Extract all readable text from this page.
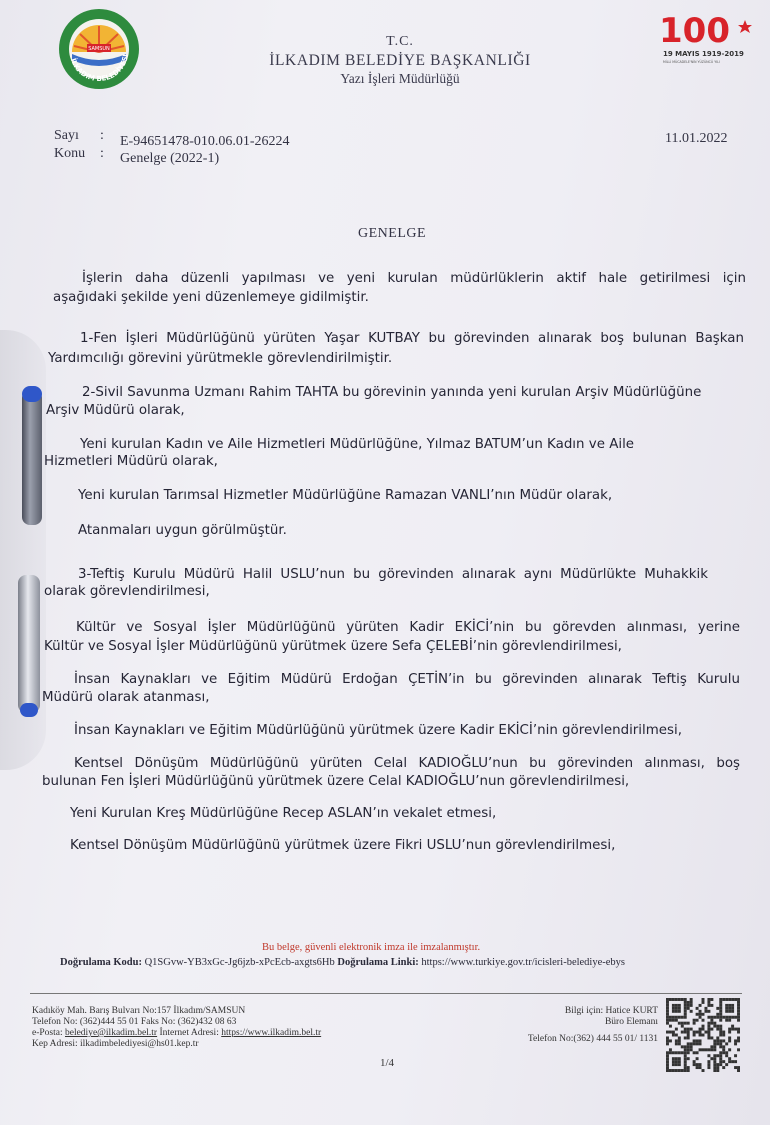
SAMSUN
İLKADIM BELEDİYESİ
100
19 MAYIS 1919-2019
MİLLİ MÜCADELE'NİN YÜZÜNCÜ YILI
T.C.
İLKADIM BELEDİYE BAŞKANLIĞI
Yazı İşleri Müdürlüğü
Sayı : E-94651478-010.06.01-26224
Konu : Genelge (2022-1)
11.01.2022
GENELGE
İşlerin daha düzenli yapılması ve yeni kurulan müdürlüklerin aktif hale getirilmesi için
aşağıdaki şekilde yeni düzenlemeye gidilmiştir.
1-Fen İşleri Müdürlüğünü yürüten Yaşar KUTBAY bu görevinden alınarak boş bulunan Başkan
Yardımcılığı görevini yürütmekle görevlendirilmiştir.
2-Sivil Savunma Uzmanı Rahim TAHTA bu görevinin yanında yeni kurulan Arşiv Müdürlüğüne
Arşiv Müdürü olarak,
Yeni kurulan Kadın ve Aile Hizmetleri Müdürlüğüne, Yılmaz BATUM’un Kadın ve Aile
Hizmetleri Müdürü olarak,
Yeni kurulan Tarımsal Hizmetler Müdürlüğüne Ramazan VANLI’nın Müdür olarak,
Atanmaları uygun görülmüştür.
3-Teftiş Kurulu Müdürü Halil USLU’nun bu görevinden alınarak aynı Müdürlükte Muhakkik
olarak görevlendirilmesi,
Kültür ve Sosyal İşler Müdürlüğünü yürüten Kadir EKİCİ’nin bu görevden alınması, yerine
Kültür ve Sosyal İşler Müdürlüğünü yürütmek üzere Sefa ÇELEBİ’nin görevlendirilmesi,
İnsan Kaynakları ve Eğitim Müdürü Erdoğan ÇETİN’in bu görevinden alınarak Teftiş Kurulu
Müdürü olarak atanması,
İnsan Kaynakları ve Eğitim Müdürlüğünü yürütmek üzere Kadir EKİCİ’nin görevlendirilmesi,
Kentsel Dönüşüm Müdürlüğünü yürüten Celal KADIOĞLU’nun bu görevinden alınması, boş
bulunan Fen İşleri Müdürlüğünü yürütmek üzere Celal KADIOĞLU’nun görevlendirilmesi,
Yeni Kurulan Kreş Müdürlüğüne Recep ASLAN’ın vekalet etmesi,
Kentsel Dönüşüm Müdürlüğünü yürütmek üzere Fikri USLU’nun görevlendirilmesi,
Bu belge, güvenli elektronik imza ile imzalanmıştır.
Doğrulama Kodu: Q1SGvw-YB3xGc-Jg6jzb-xPcEcb-axgts6Hb Doğrulama Linki: https://www.turkiye.gov.tr/icisleri-belediye-ebys
Kadıköy Mah. Barış Bulvarı No:157 İlkadım/SAMSUN
Telefon No: (362)444 55 01 Faks No: (362)432 08 63
e-Posta: belediye@ilkadim.bel.tr İnternet Adresi: https://www.ilkadim.bel.tr
Kep Adresi: ilkadimbelediyesi@hs01.kep.tr
Bilgi için: Hatice KURT
Büro Elemanı
Telefon No:(362) 444 55 01/ 1131
1/4
